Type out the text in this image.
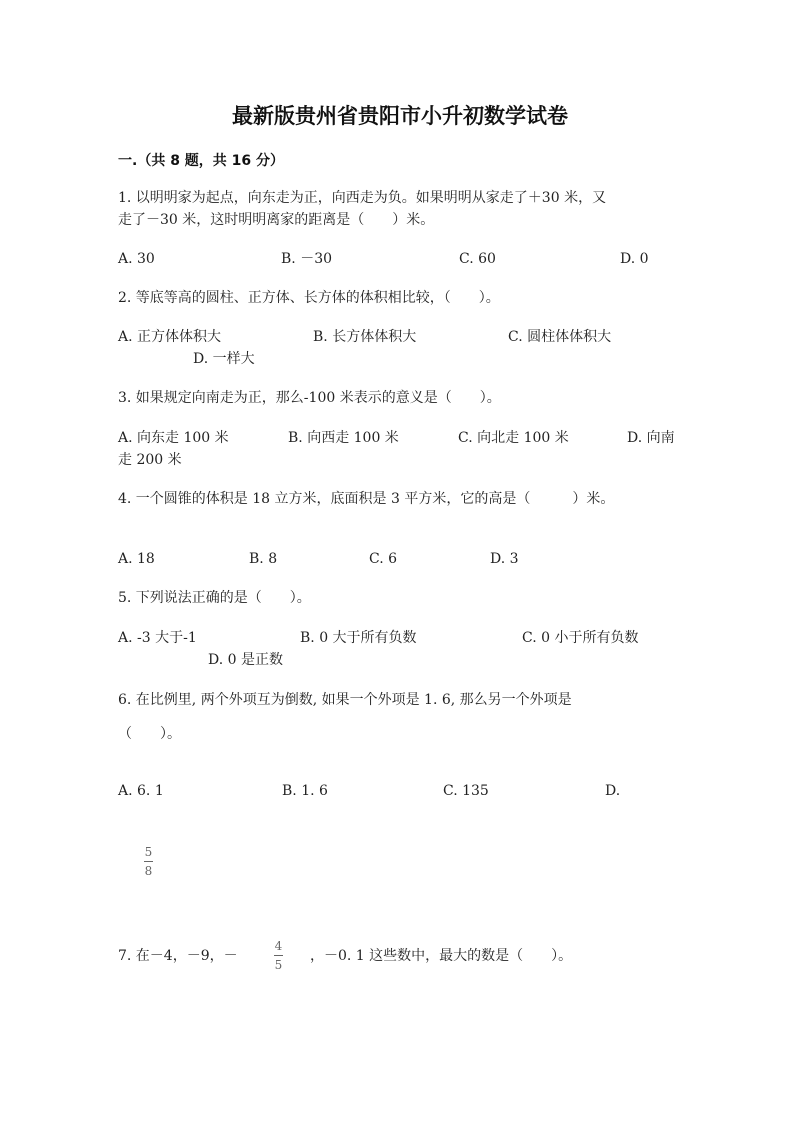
最新版贵州省贵阳市小升初数学试卷
一.（共 8 题，共 16 分）
1. 以明明家为起点，向东走为正，向西走为负。如果明明从家走了＋30 米，又
走了－30 米，这时明明离家的距离是（　　）米。
A. 30	B. －30	C. 60	D. 0
2. 等底等高的圆柱、正方体、长方体的体积相比较，（　　）。
A. 正方体体积大	B. 长方体体积大	C. 圆柱体体积大
D. 一样大
3. 如果规定向南走为正，那么-100 米表示的意义是（　　）。
A. 向东走 100 米	B. 向西走 100 米	C. 向北走 100 米	D. 向南
走 200 米
4. 一个圆锥的体积是 18 立方米，底面积是 3 平方米，它的高是（　　　）米。
A. 18	B. 8	C. 6	D. 3
5. 下列说法正确的是（　　）。
A. -3 大于-1	B. 0 大于所有负数	C. 0 小于所有负数
D. 0 是正数
6. 在比例里, 两个外项互为倒数, 如果一个外项是 1. 6, 那么另一个外项是
（　　）。
A. 6. 1	B. 1. 6	C. 135	D.
5
8
7. 在－4，－9，－
4
5
，－0. 1 这些数中，最大的数是（　　）。
